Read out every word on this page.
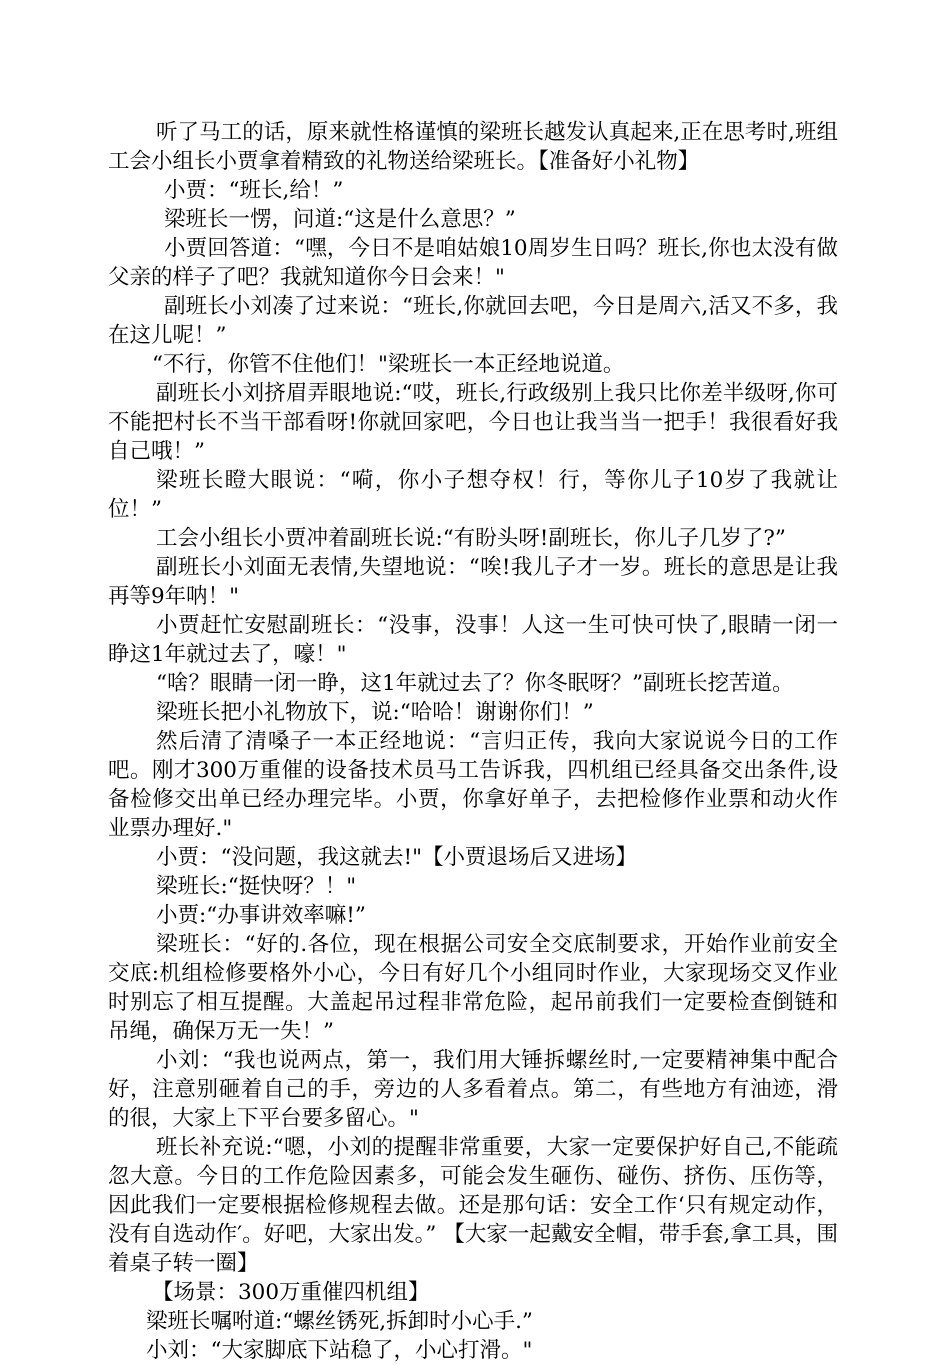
听了马工的话，原来就性格谨慎的梁班长越发认真起来,正在思考时,班组工会小组长小贾拿着精致的礼物送给梁班长。【准备好小礼物】

小贾：“班长,给！”

梁班长一愣，问道:“这是什么意思？”

小贾回答道：“嘿，今日不是咱姑娘10周岁生日吗？班长,你也太没有做父亲的样子了吧？我就知道你今日会来！"

副班长小刘凑了过来说：“班长,你就回去吧，今日是周六,活又不多，我在这儿呢！”

“不行，你管不住他们！"梁班长一本正经地说道。

副班长小刘挤眉弄眼地说:“哎，班长,行政级别上我只比你差半级呀,你可不能把村长不当干部看呀!你就回家吧，今日也让我当当一把手！我很看好我自己哦！”

梁班长瞪大眼说：“嗬，你小子想夺权！行，等你儿子10岁了我就让位！”

工会小组长小贾冲着副班长说:“有盼头呀!副班长，你儿子几岁了?”

副班长小刘面无表情,失望地说：“唉!我儿子才一岁。班长的意思是让我再等9年呐！"

小贾赶忙安慰副班长：“没事，没事！人这一生可快可快了,眼睛一闭一睁这1年就过去了，嚎！"

“啥？眼睛一闭一睁，这1年就过去了？你冬眠呀？”副班长挖苦道。

梁班长把小礼物放下，说:“哈哈！谢谢你们！”

然后清了清嗓子一本正经地说：“言归正传，我向大家说说今日的工作吧。刚才300万重催的设备技术员马工告诉我，四机组已经具备交出条件,设备检修交出单已经办理完毕。小贾，你拿好单子，去把检修作业票和动火作业票办理好."

小贾：“没问题，我这就去!"【小贾退场后又进场】

梁班长:“挺快呀？！"

小贾:“办事讲效率嘛!”

梁班长：“好的.各位，现在根据公司安全交底制要求，开始作业前安全交底:机组检修要格外小心，今日有好几个小组同时作业，大家现场交叉作业时别忘了相互提醒。大盖起吊过程非常危险，起吊前我们一定要检查倒链和吊绳，确保万无一失！”

小刘：“我也说两点，第一，我们用大锤拆螺丝时,一定要精神集中配合好，注意别砸着自己的手，旁边的人多看着点。第二，有些地方有油迹，滑的很，大家上下平台要多留心。"

班长补充说:“嗯，小刘的提醒非常重要，大家一定要保护好自己,不能疏忽大意。今日的工作危险因素多，可能会发生砸伤、碰伤、挤伤、压伤等，因此我们一定要根据检修规程去做。还是那句话：安全工作‘只有规定动作，没有自选动作′。好吧，大家出发。” 【大家一起戴安全帽，带手套,拿工具，围着桌子转一圈】

【场景：300万重催四机组】

梁班长嘱咐道:“螺丝锈死,拆卸时小心手.”

小刘：“大家脚底下站稳了，小心打滑。"
